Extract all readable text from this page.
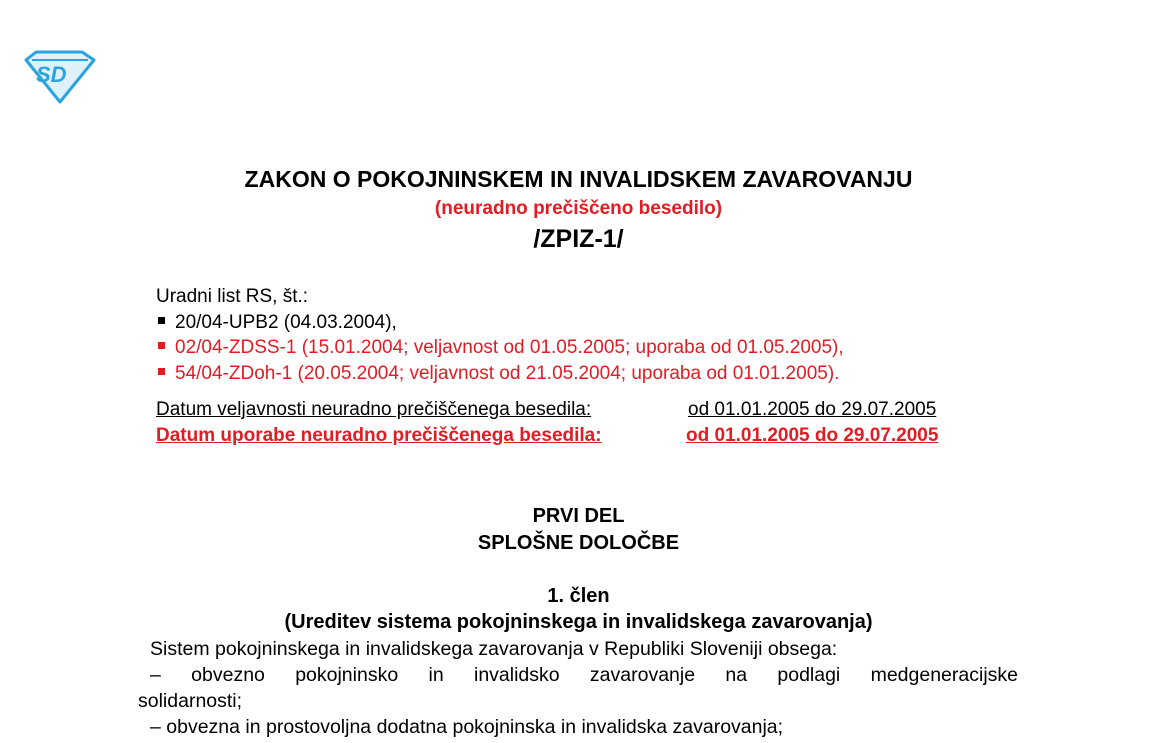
SD
ZAKON O POKOJNINSKEM IN INVALIDSKEM ZAVAROVANJU
(neuradno prečiščeno besedilo)
/ZPIZ-1/
Uradni list RS, št.:
20/04-UPB2 (04.03.2004),
02/04-ZDSS-1 (15.01.2004; veljavnost od 01.05.2005; uporaba od 01.05.2005),
54/04-ZDoh-1 (20.05.2004; veljavnost od 21.05.2004; uporaba od 01.01.2005).
Datum veljavnosti neuradno prečiščenega besedila:	od 01.01.2005 do 29.07.2005
Datum uporabe neuradno prečiščenega besedila:	od 01.01.2005 do 29.07.2005
PRVI DEL
SPLOŠNE DOLOČBE
1. člen
(Ureditev sistema pokojninskega in invalidskega zavarovanja)
Sistem pokojninskega in invalidskega zavarovanja v Republiki Sloveniji obsega:
– obvezno pokojninsko in invalidsko zavarovanje na podlagi medgeneracijske
solidarnosti;
– obvezna in prostovoljna dodatna pokojninska in invalidska zavarovanja;
